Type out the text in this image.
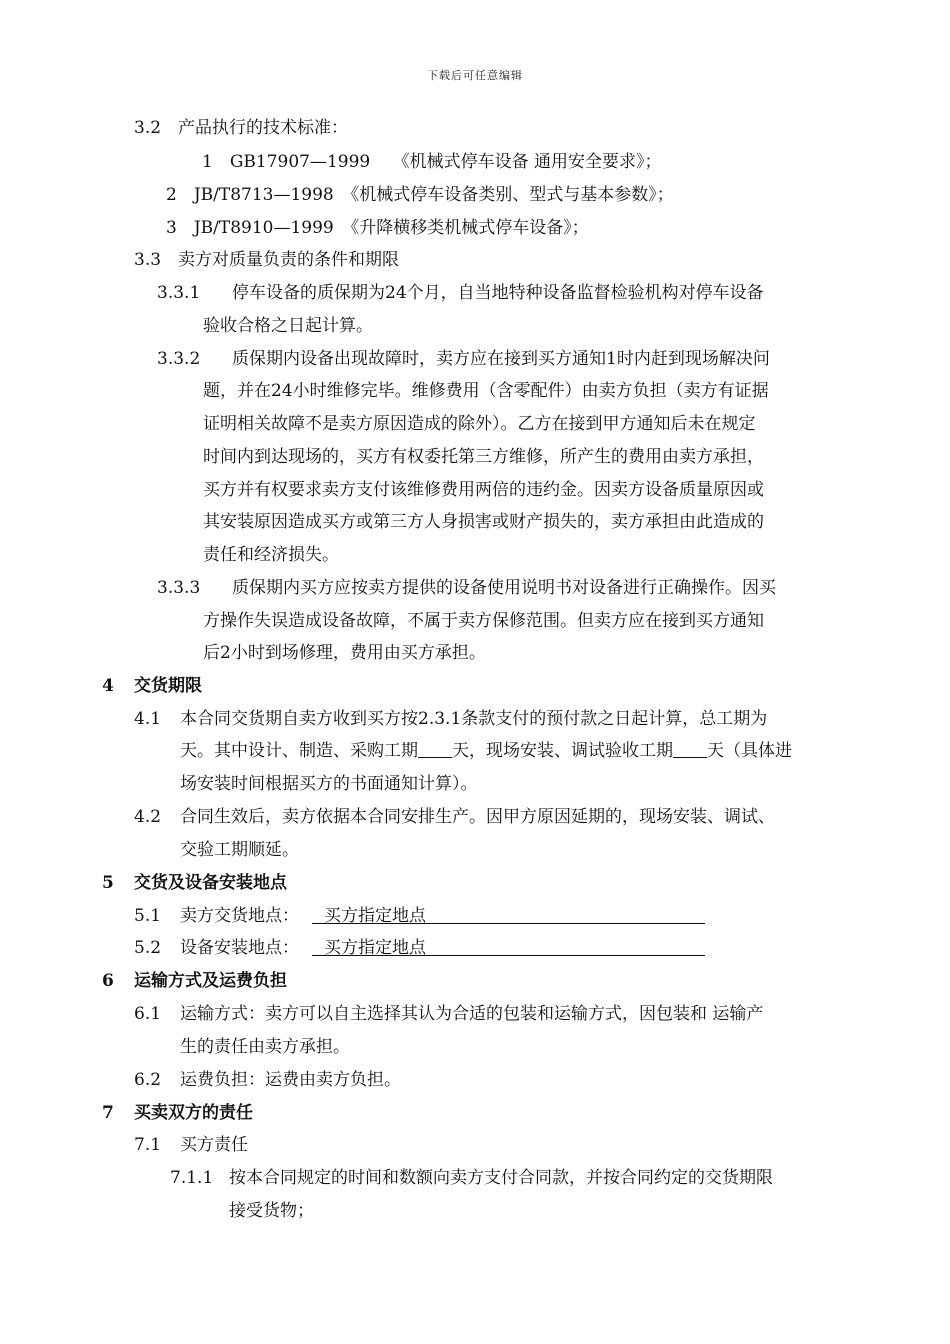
下载后可任意编辑
3.2　产品执行的技术标准：
1　GB17907—1999　 《机械式停车设备 通用安全要求》；
2　JB/T8713—1998　《机械式停车设备类别、型式与基本参数》；
3　JB/T8910—1999　《升降横移类机械式停车设备》；
3.3　卖方对质量负责的条件和期限
3.3.1 停车设备的质保期为24个月，自当地特种设备监督检验机构对停车设备
验收合格之日起计算。
3.3.2 质保期内设备出现故障时，卖方应在接到买方通知1时内赶到现场解决问
题，并在24小时维修完毕。维修费用（含零配件）由卖方负担（卖方有证据
证明相关故障不是卖方原因造成的除外）。乙方在接到甲方通知后未在规定
时间内到达现场的，买方有权委托第三方维修，所产生的费用由卖方承担，
买方并有权要求卖方支付该维修费用两倍的违约金。因卖方设备质量原因或
其安装原因造成买方或第三方人身损害或财产损失的，卖方承担由此造成的
责任和经济损失。
3.3.3 质保期内买方应按卖方提供的设备使用说明书对设备进行正确操作。因买
方操作失误造成设备故障，不属于卖方保修范围。但卖方应在接到买方通知
后2小时到场修理，费用由买方承担。
4 交货期限
4.1 本合同交货期自卖方收到买方按2.3.1条款支付的预付款之日起计算，总工期为
天。其中设计、制造、采购工期　　 天，现场安装、调试验收工期　　 天（具体进
场安装时间根据买方的书面通知计算）。
4.2 合同生效后，卖方依据本合同安排生产。因甲方原因延期的，现场安装、调试、
交验工期顺延。
5 交货及设备安装地点
5.1 卖方交货地点：	买方指定地点
5.2 设备安装地点：	买方指定地点
6 运输方式及运费负担
6.1 运输方式：卖方可以自主选择其认为合适的包装和运输方式，因包装和 运输产
生的责任由卖方承担。
6.2 运费负担：运费由卖方负担。
7 买卖双方的责任
7.1 买方责任
7.1.1 按本合同规定的时间和数额向卖方支付合同款，并按合同约定的交货期限
接受货物；
